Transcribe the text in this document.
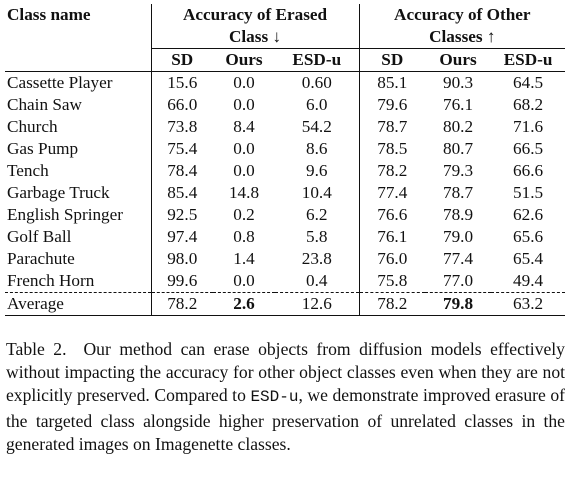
Class name	Accuracy of Erased			Accuracy of Other		

	Class ↓			Classes ↑		
	SD	Ours	ESD-u	SD	Ours	ESD-u
Cassette Player	15.6	0.0	0.60	85.1	90.3	64.5
Chain Saw	66.0	0.0	6.0	79.6	76.1	68.2
Church	73.8	8.4	54.2	78.7	80.2	71.6
Gas Pump	75.4	0.0	8.6	78.5	80.7	66.5
Tench	78.4	0.0	9.6	78.2	79.3	66.6
Garbage Truck	85.4	14.8	10.4	77.4	78.7	51.5
English Springer	92.5	0.2	6.2	76.6	78.9	62.6
Golf Ball	97.4	0.8	5.8	76.1	79.0	65.6
Parachute	98.0	1.4	23.8	76.0	77.4	65.4
French Horn	99.6	0.0	0.4	75.8	77.0	49.4
Average	78.2	2.6	12.6	78.2	79.8	63.2
Table 2. Our method can erase objects from diffusion models effectively without impacting the accuracy for other object classes even when they are not explicitly preserved. Compared to ESD-u, we demonstrate improved erasure of the targeted class alongside higher preservation of unrelated classes in the generated images on Imagenette classes.
